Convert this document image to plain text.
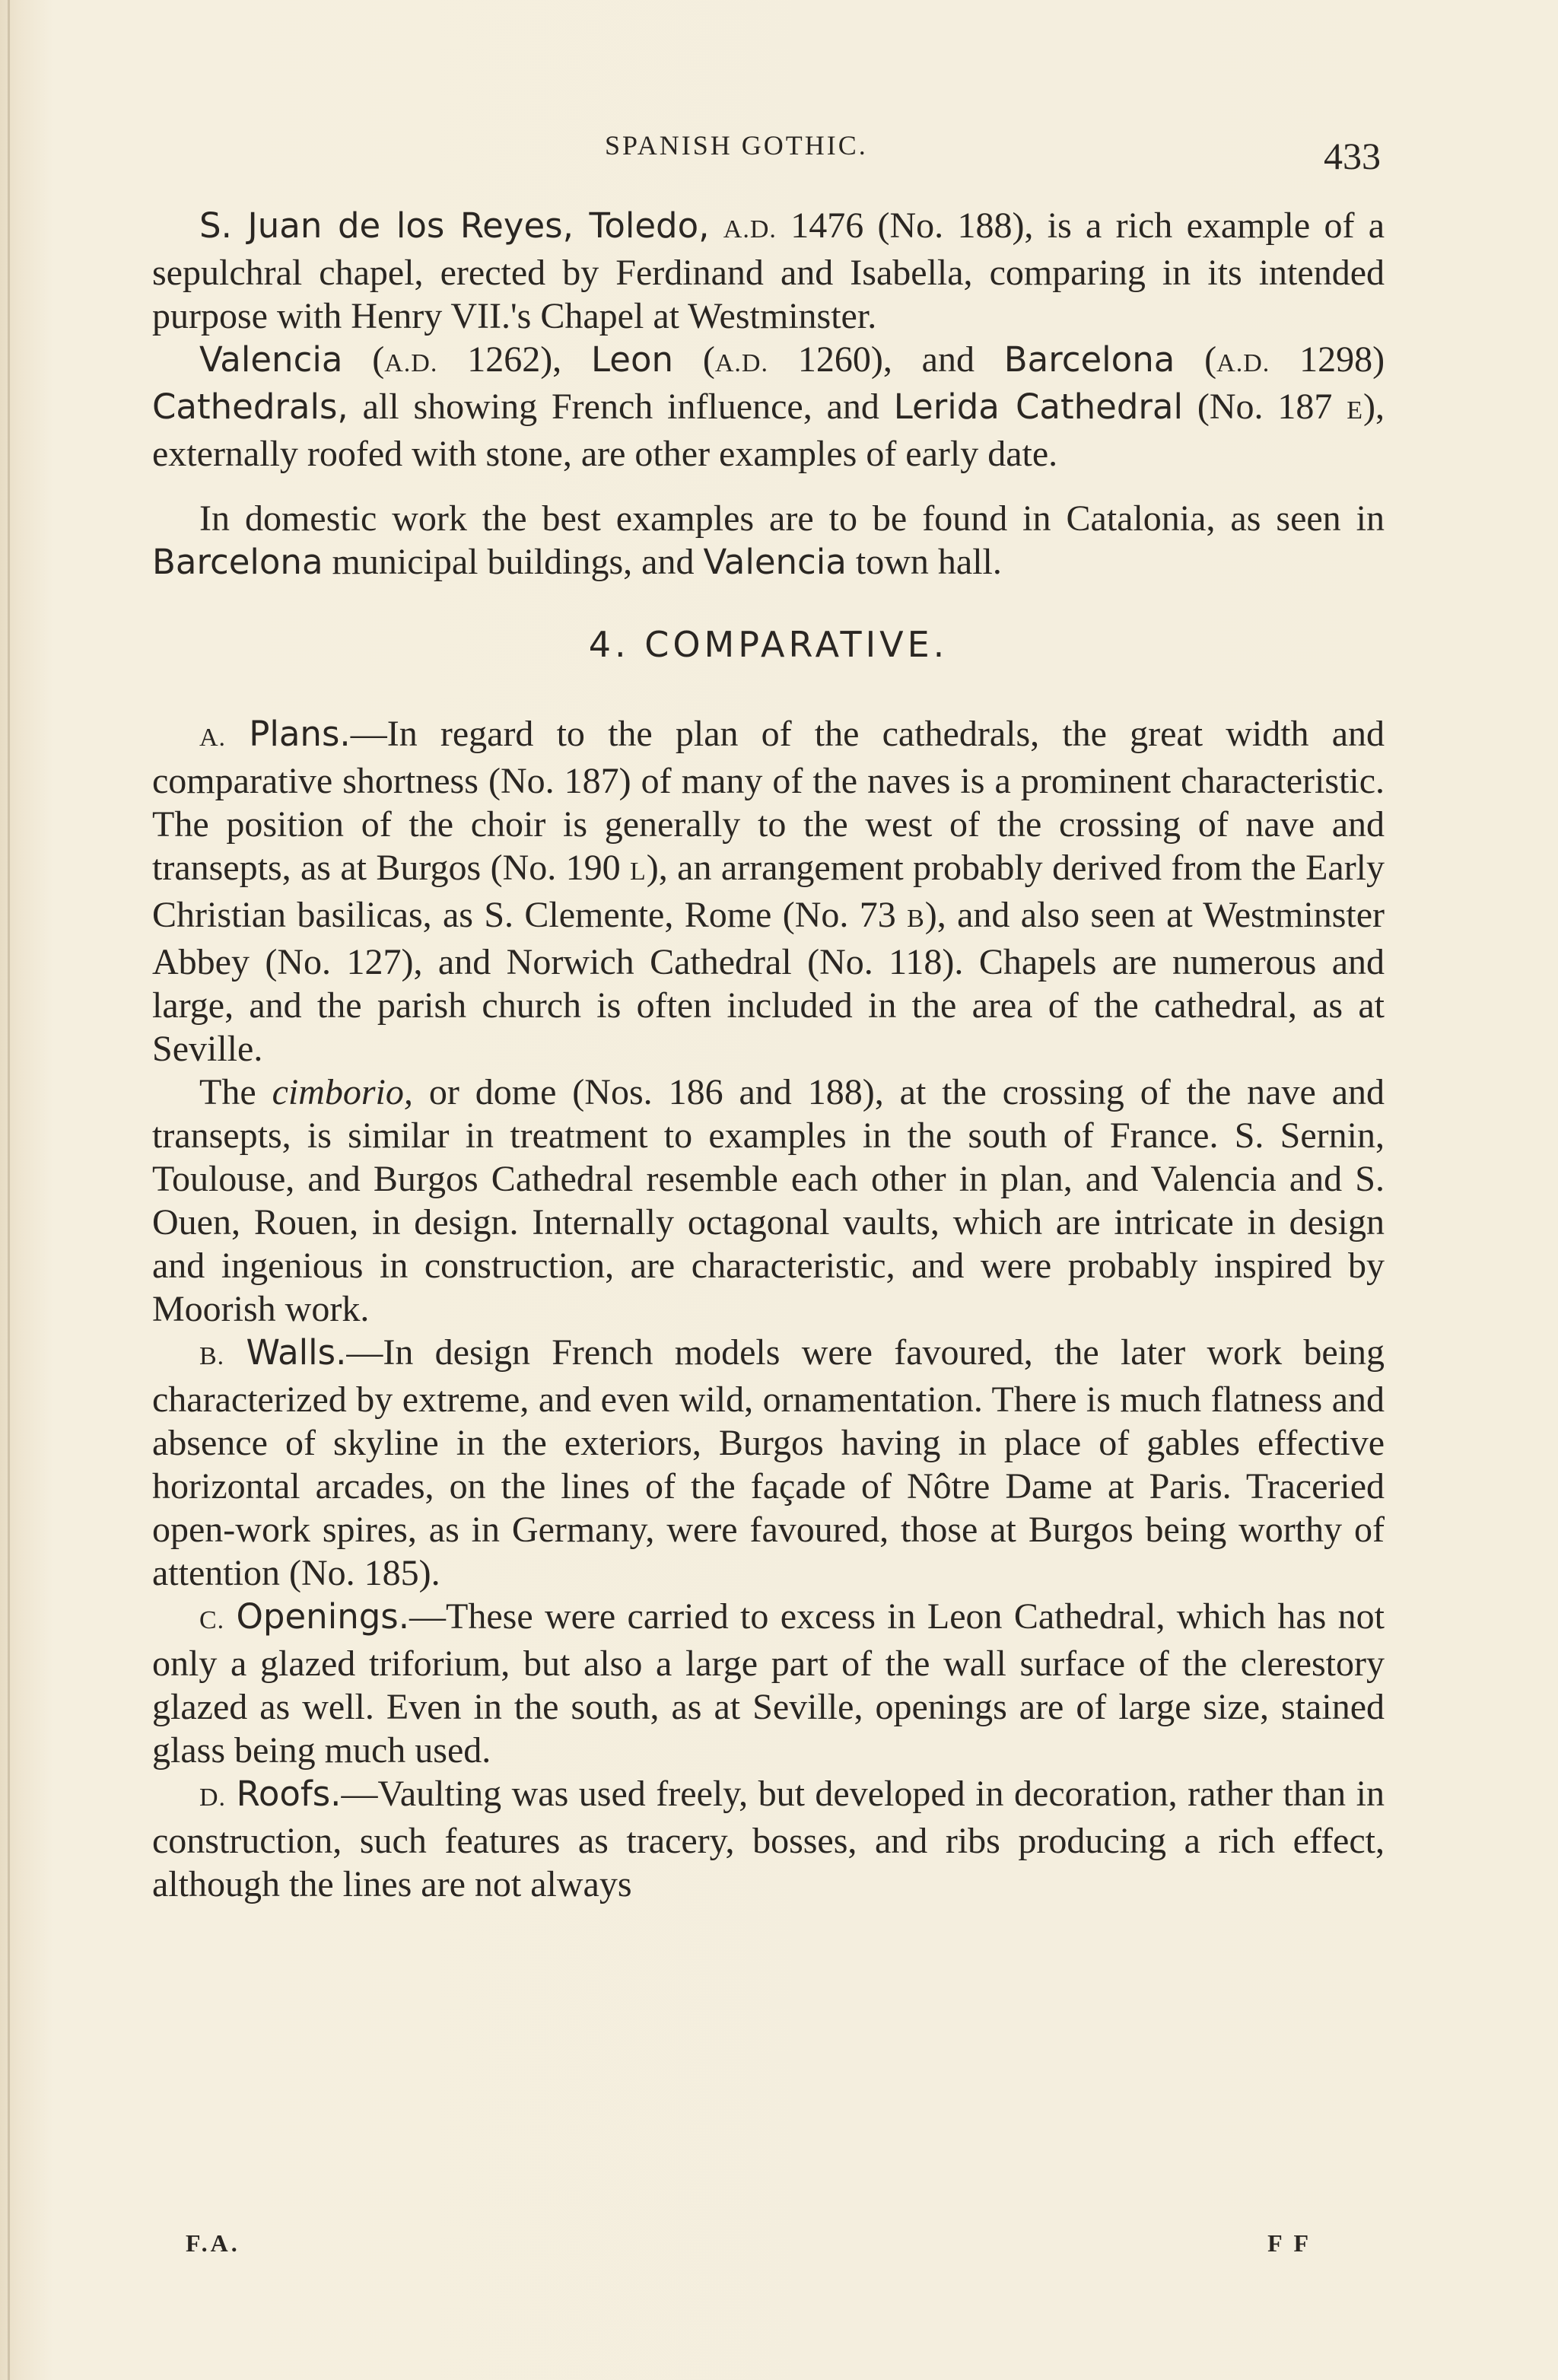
SPANISH GOTHIC.	433

S. Juan de los Reyes, Toledo, A.D. 1476 (No. 188), is a rich example of a sepulchral chapel, erected by Ferdinand and Isabella, comparing in its intended purpose with Henry VII.'s Chapel at Westminster.

Valencia (A.D. 1262), Leon (A.D. 1260), and Barcelona (A.D. 1298) Cathedrals, all showing French influence, and Lerida Cathedral (No. 187 E), externally roofed with stone, are other examples of early date.

In domestic work the best examples are to be found in Catalonia, as seen in Barcelona municipal buildings, and Valencia town hall.

4. COMPARATIVE.

A. Plans.—In regard to the plan of the cathedrals, the great width and comparative shortness (No. 187) of many of the naves is a prominent characteristic. The position of the choir is generally to the west of the crossing of nave and transepts, as at Burgos (No. 190 L), an arrangement probably derived from the Early Christian basilicas, as S. Clemente, Rome (No. 73 B), and also seen at Westminster Abbey (No. 127), and Norwich Cathedral (No. 118). Chapels are numerous and large, and the parish church is often included in the area of the cathedral, as at Seville.

The cimborio, or dome (Nos. 186 and 188), at the crossing of the nave and transepts, is similar in treatment to examples in the south of France. S. Sernin, Toulouse, and Burgos Cathedral resemble each other in plan, and Valencia and S. Ouen, Rouen, in design. Internally octagonal vaults, which are intricate in design and ingenious in construction, are characteristic, and were probably inspired by Moorish work.

B. Walls.—In design French models were favoured, the later work being characterized by extreme, and even wild, ornamentation. There is much flatness and absence of skyline in the exteriors, Burgos having in place of gables effective horizontal arcades, on the lines of the façade of Nôtre Dame at Paris. Traceried open-work spires, as in Germany, were favoured, those at Burgos being worthy of attention (No. 185).

C. Openings.—These were carried to excess in Leon Cathedral, which has not only a glazed triforium, but also a large part of the wall surface of the clerestory glazed as well. Even in the south, as at Seville, openings are of large size, stained glass being much used.

D. Roofs.—Vaulting was used freely, but developed in decoration, rather than in construction, such features as tracery, bosses, and ribs producing a rich effect, although the lines are not always

F.A.	F F
